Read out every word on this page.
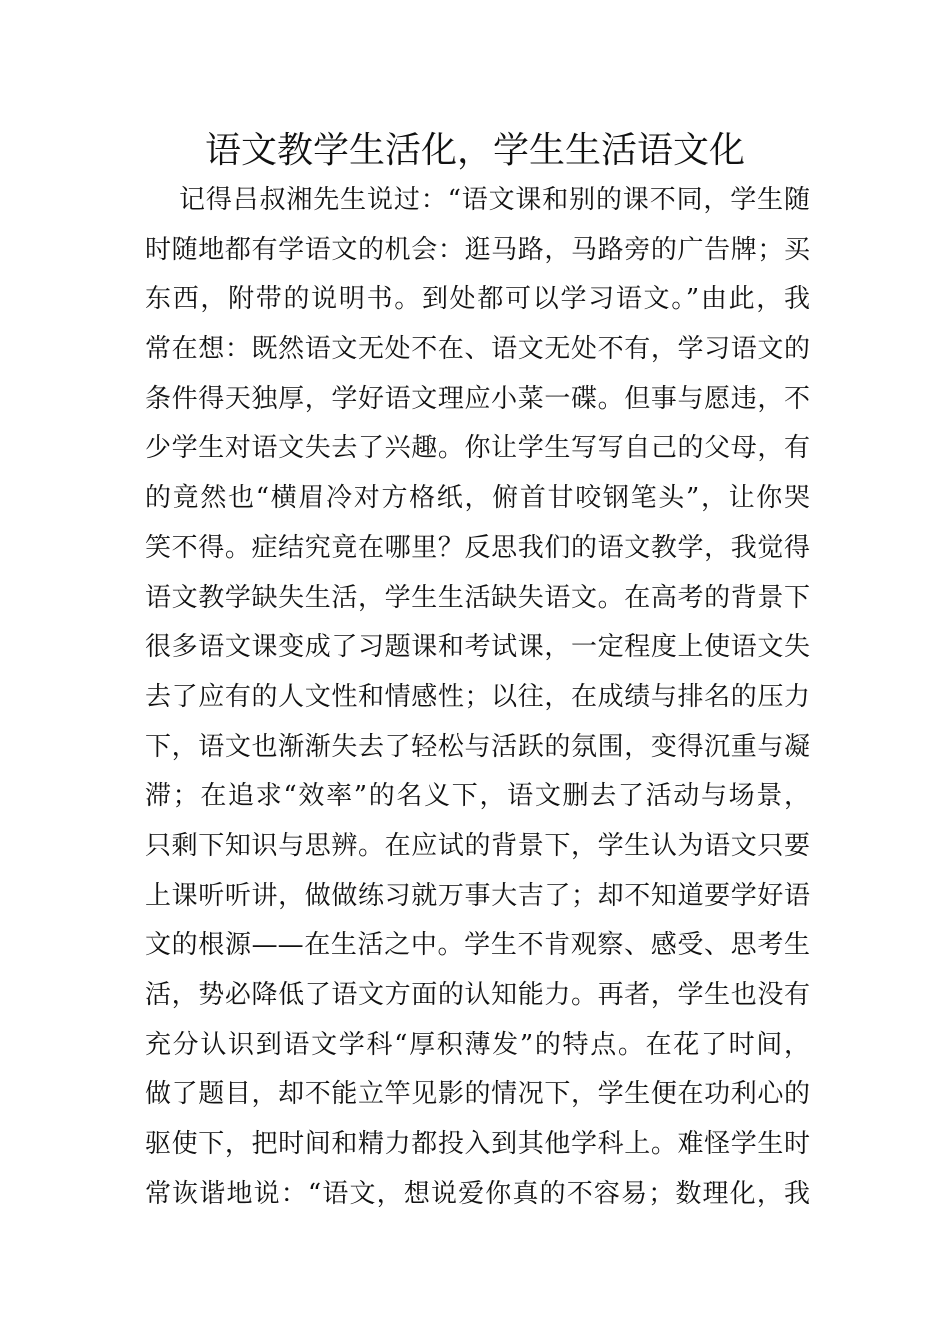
语文教学生活化，学生生活语文化
记得吕叔湘先生说过：“语文课和别的课不同，学生随
时随地都有学语文的机会：逛马路，马路旁的广告牌；买
东西，附带的说明书。到处都可以学习语文。”由此，我
常在想：既然语文无处不在、语文无处不有，学习语文的
条件得天独厚，学好语文理应小菜一碟。但事与愿违，不
少学生对语文失去了兴趣。你让学生写写自己的父母，有
的竟然也“横眉冷对方格纸，俯首甘咬钢笔头”，让你哭
笑不得。症结究竟在哪里？反思我们的语文教学，我觉得
语文教学缺失生活，学生生活缺失语文。在高考的背景下
很多语文课变成了习题课和考试课，一定程度上使语文失
去了应有的人文性和情感性；以往，在成绩与排名的压力
下，语文也渐渐失去了轻松与活跃的氛围，变得沉重与凝
滞；在追求“效率”的名义下，语文删去了活动与场景，
只剩下知识与思辨。在应试的背景下，学生认为语文只要
上课听听讲，做做练习就万事大吉了；却不知道要学好语
文的根源——在生活之中。学生不肯观察、感受、思考生
活，势必降低了语文方面的认知能力。再者，学生也没有
充分认识到语文学科“厚积薄发”的特点。在花了时间，
做了题目，却不能立竿见影的情况下，学生便在功利心的
驱使下，把时间和精力都投入到其他学科上。难怪学生时
常诙谐地说：“语文，想说爱你真的不容易；数理化，我
